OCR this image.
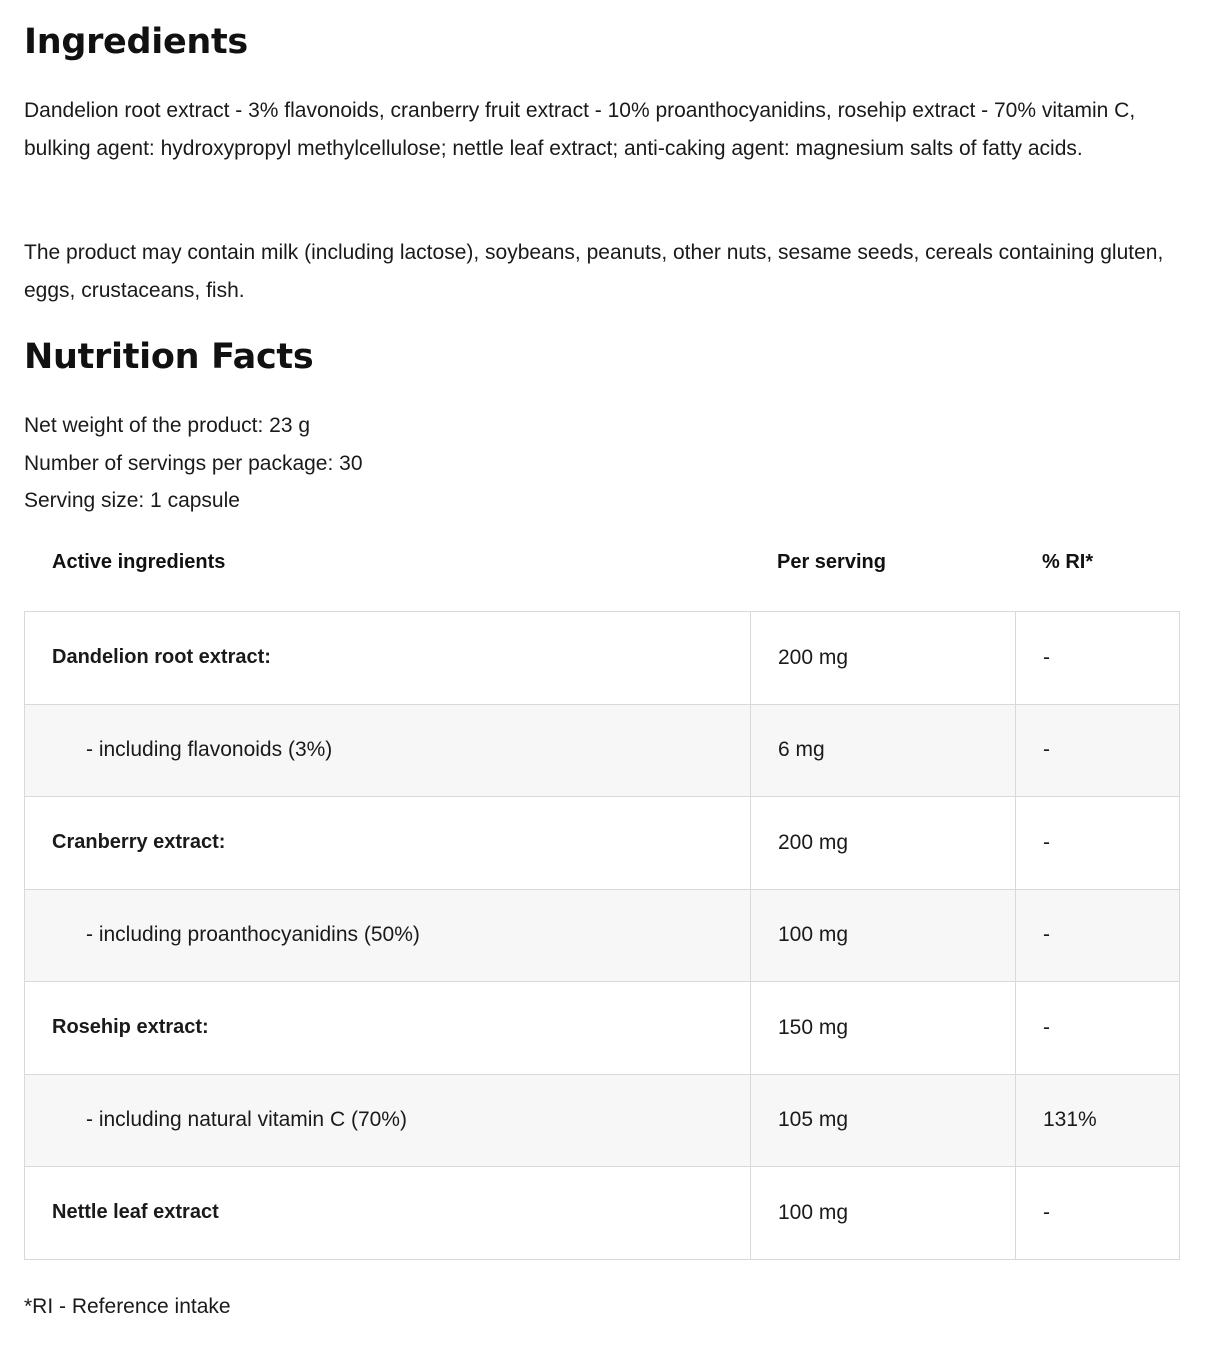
Ingredients

Dandelion root extract - 3% flavonoids, cranberry fruit extract - 10% proanthocyanidins, rosehip extract - 70% vitamin C, bulking agent: hydroxypropyl methylcellulose; nettle leaf extract; anti-caking agent: magnesium salts of fatty acids.

The product may contain milk (including lactose), soybeans, peanuts, other nuts, sesame seeds, cereals containing gluten, eggs, crustaceans, fish.

Nutrition Facts
Net weight of the product: 23 g
Number of servings per package: 30
Serving size: 1 capsule
Active ingredients	Per serving	% RI*
Dandelion root extract:	200 mg	-
- including flavonoids (3%)	6 mg	-
Cranberry extract:	200 mg	-
- including proanthocyanidins (50%)	100 mg	-
Rosehip extract:	150 mg	-
- including natural vitamin C (70%)	105 mg	131%
Nettle leaf extract	100 mg	-

*RI - Reference intake
